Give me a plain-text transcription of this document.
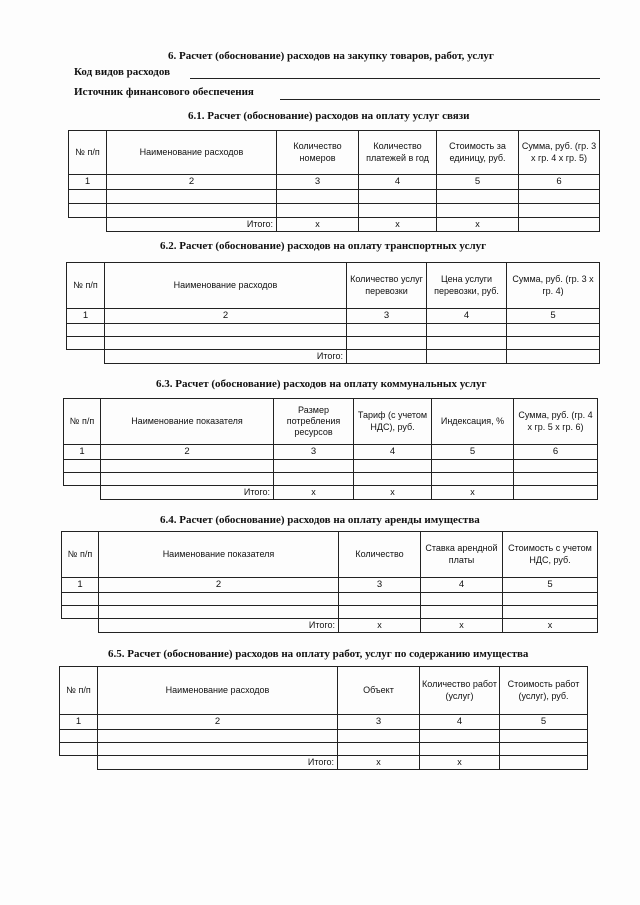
6. Расчет (обоснование) расходов на закупку товаров, работ, услуг
Код видов расходов
Источник финансового обеспечения
6.1. Расчет (обоснование) расходов на оплату услуг связи
№ п/п	Наименование расходов	Количество номеров	Количество платежей в год	Стоимость за единицу, руб.	Сумма, руб. (гр. 3 х гр. 4 х гр. 5)
1	2	3	4	5	6

	Итого:	х	х	х	
6.2. Расчет (обоснование) расходов на оплату транспортных услуг
№ п/п	Наименование расходов	Количество услуг перевозки	Цена услуги перевозки, руб.	Сумма, руб. (гр. 3 х гр. 4)
1	2	3	4	5

	Итого:			
6.3. Расчет (обоснование) расходов на оплату коммунальных услуг
№ п/п	Наименование показателя	Размер потребления ресурсов	Тариф (с учетом НДС), руб.	Индексация, %	Сумма, руб. (гр. 4 х гр. 5 х гр. 6)
1	2	3	4	5	6

	Итого:	х	х	х	
6.4. Расчет (обоснование) расходов на оплату аренды имущества
№ п/п	Наименование показателя	Количество	Ставка арендной платы	Стоимость с учетом НДС, руб.
1	2	3	4	5

	Итого:	х	х	х
6.5. Расчет (обоснование) расходов на оплату работ, услуг по содержанию имущества
№ п/п	Наименование расходов	Объект	Количество работ (услуг)	Стоимость работ (услуг), руб.
1	2	3	4	5

	Итого:	х	х	
